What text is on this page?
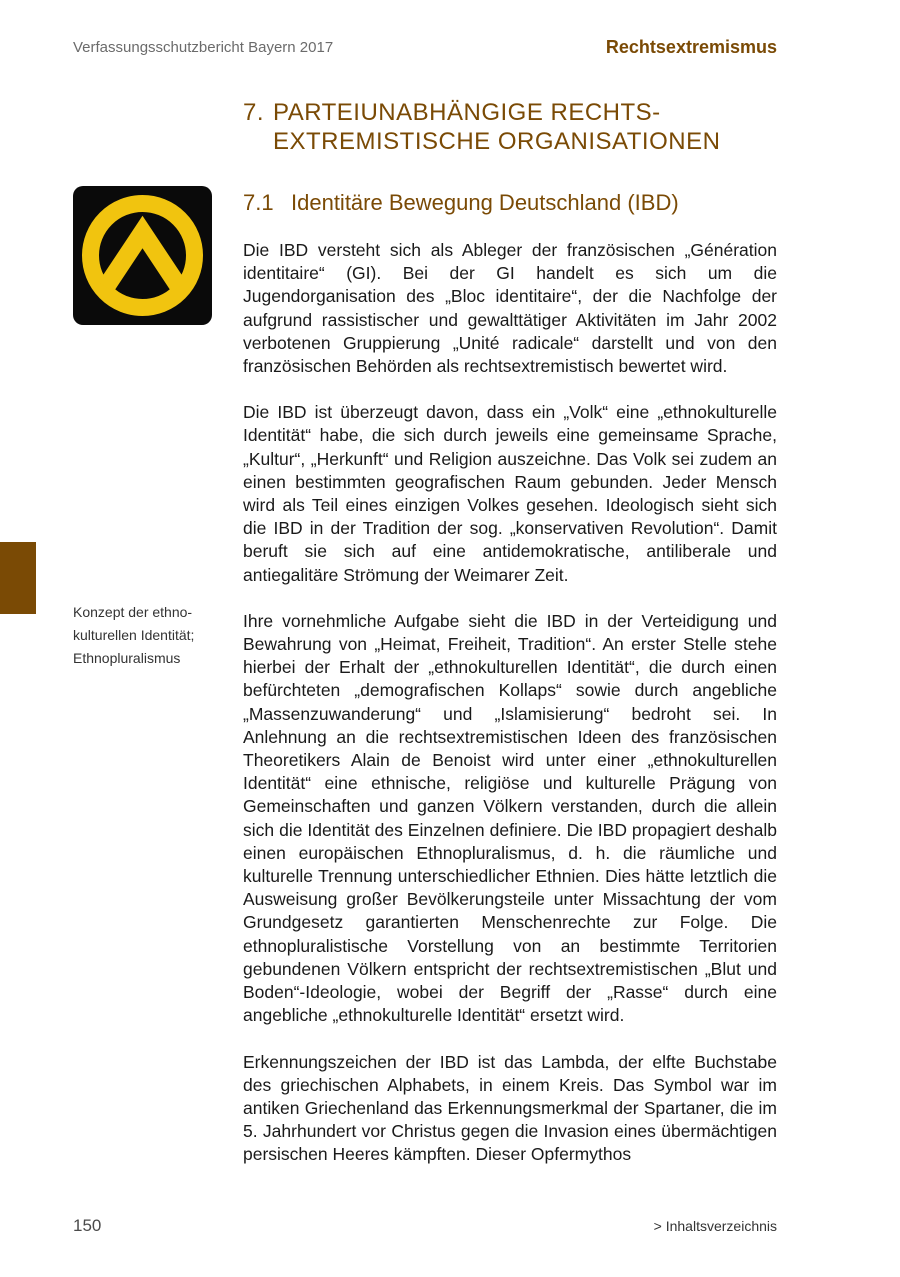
Verfassungsschutzbericht Bayern 2017	Rechtsextremismus
Konzept der ethno-
kulturellen Identität;
Ethnopluralismus
7. PARTEIUNABHÄNGIGE RECHTS-
EXTREMISTISCHE ORGANISATIONEN
7.1 Identitäre Bewegung Deutschland (IBD)

Die IBD versteht sich als Ableger der französischen „Génération identitaire“ (GI). Bei der GI handelt es sich um die Jugendorganisation des „Bloc identitaire“, der die Nachfolge der aufgrund rassistischer und gewalttätiger Aktivitäten im Jahr 2002 verbotenen Gruppierung „Unité radicale“ darstellt und von den französischen Behörden als rechtsextremistisch bewertet wird.

Die IBD ist überzeugt davon, dass ein „Volk“ eine „ethnokulturelle Identität“ habe, die sich durch jeweils eine gemeinsame Sprache, „Kultur“, „Herkunft“ und Religion auszeichne. Das Volk sei zudem an einen bestimmten geografischen Raum gebunden. Jeder Mensch wird als Teil eines einzigen Volkes gesehen. Ideologisch sieht sich die IBD in der Tradition der sog. „konservativen Revolution“. Damit beruft sie sich auf eine antidemokratische, antiliberale und antiegalitäre Strömung der Weimarer Zeit.

Ihre vornehmliche Aufgabe sieht die IBD in der Verteidigung und Bewahrung von „Heimat, Freiheit, Tradition“. An erster Stelle stehe hierbei der Erhalt der „ethnokulturellen Identität“, die durch einen befürchteten „demografischen Kollaps“ sowie durch angebliche „Massenzuwanderung“ und „Islamisierung“ bedroht sei. In Anlehnung an die rechtsextremistischen Ideen des französischen Theoretikers Alain de Benoist wird unter einer „ethnokulturellen Identität“ eine ethnische, religiöse und kulturelle Prägung von Gemeinschaften und ganzen Völkern verstanden, durch die allein sich die Identität des Einzelnen definiere. Die IBD propagiert deshalb einen europäischen Ethnopluralismus, d. h. die räumliche und kulturelle Trennung unterschiedlicher Ethnien. Dies hätte letztlich die Ausweisung großer Bevölkerungsteile unter Missachtung der vom Grundgesetz garantierten Menschenrechte zur Folge. Die ethnopluralistische Vorstellung von an bestimmte Territorien gebundenen Völkern entspricht der rechtsextremistischen „Blut und Boden“-Ideologie, wobei der Begriff der „Rasse“ durch eine angebliche „ethnokulturelle Identität“ ersetzt wird.

Erkennungszeichen der IBD ist das Lambda, der elfte Buchstabe des griechischen Alphabets, in einem Kreis. Das Symbol war im antiken Griechenland das Erkennungsmerkmal der Spartaner, die im 5. Jahrhundert vor Christus gegen die Invasion eines übermächtigen persischen Heeres kämpften. Dieser Opfermythos

150	> Inhaltsverzeichnis
